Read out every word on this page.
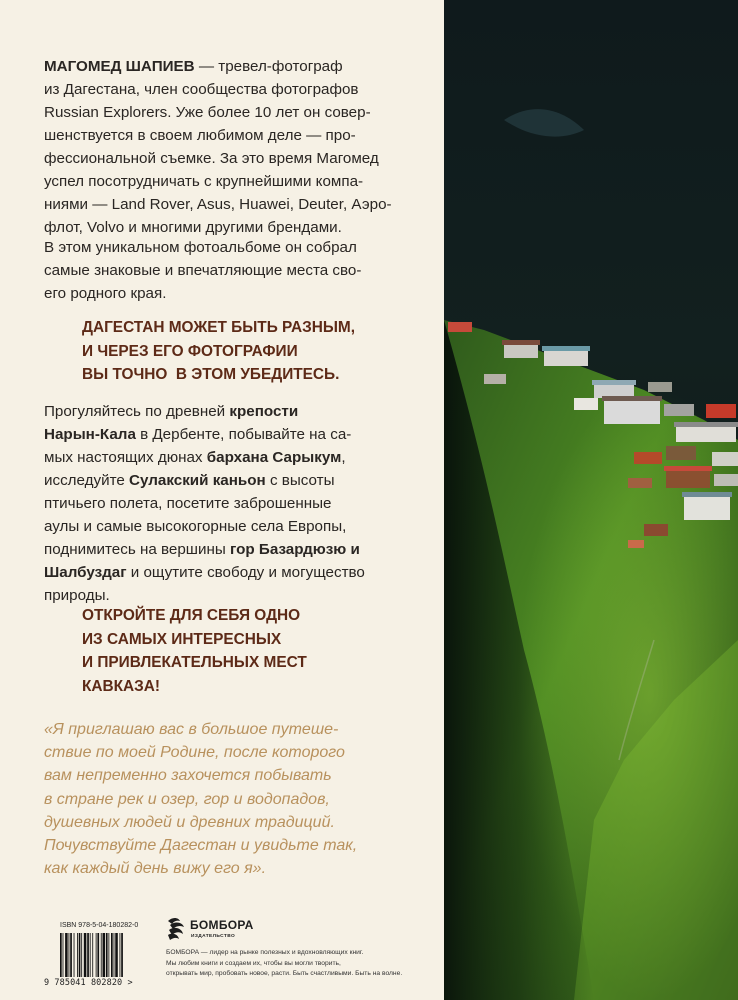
МАГОМЕД ШАПИЕВ — тревел-фотограф
из Дагестана, член сообщества фотографов
Russian Explorers. Уже более 10 лет он совер-
шенствуется в своем любимом деле — про-
фессиональной съемке. За это время Магомед
успел посотрудничать с крупнейшими компа-
ниями — Land Rover, Asus, Huawei, Deuter, Аэро-
флот, Volvo и многими другими брендами.
В этом уникальном фотоальбоме он собрал
самые знаковые и впечатляющие места сво-
его родного края.
ДАГЕСТАН МОЖЕТ БЫТЬ РАЗНЫМ,
И ЧЕРЕЗ ЕГО ФОТОГРАФИИ
ВЫ ТОЧНО  В ЭТОМ УБЕДИТЕСЬ.
Прогуляйтесь по древней крепости
Нарын-Кала в Дербенте, побывайте на са-
мых настоящих дюнах бархана Сарыкум,
исследуйте Сулакский каньон с высоты
птичьего полета, посетите заброшенные
аулы и самые высокогорные села Европы,
поднимитесь на вершины гор Базардюзю и
Шалбуздаг и ощутите свободу и могущество
природы.
ОТКРОЙТЕ ДЛЯ СЕБЯ ОДНО
ИЗ САМЫХ ИНТЕРЕСНЫХ
И ПРИВЛЕКАТЕЛЬНЫХ МЕСТ
КАВКАЗА!
«Я приглашаю вас в большое путеше-
ствие по моей Родине, после которого
вам непременно захочется побывать
в стране рек и озер, гор и водопадов,
душевных людей и древних традиций.
Почувствуйте Дагестан и увидьте так,
как каждый день вижу его я».
ISBN 978-5-04-180282-0
9 785041 802820 >
БОМБОРА
ИЗДАТЕЛЬСТВО
БОМБОРА — лидер на рынке полезных и вдохновляющих книг.
Мы любим книги и создаем их, чтобы вы могли творить,
открывать мир, пробовать новое, расти. Быть счастливыми. Быть на волне.
